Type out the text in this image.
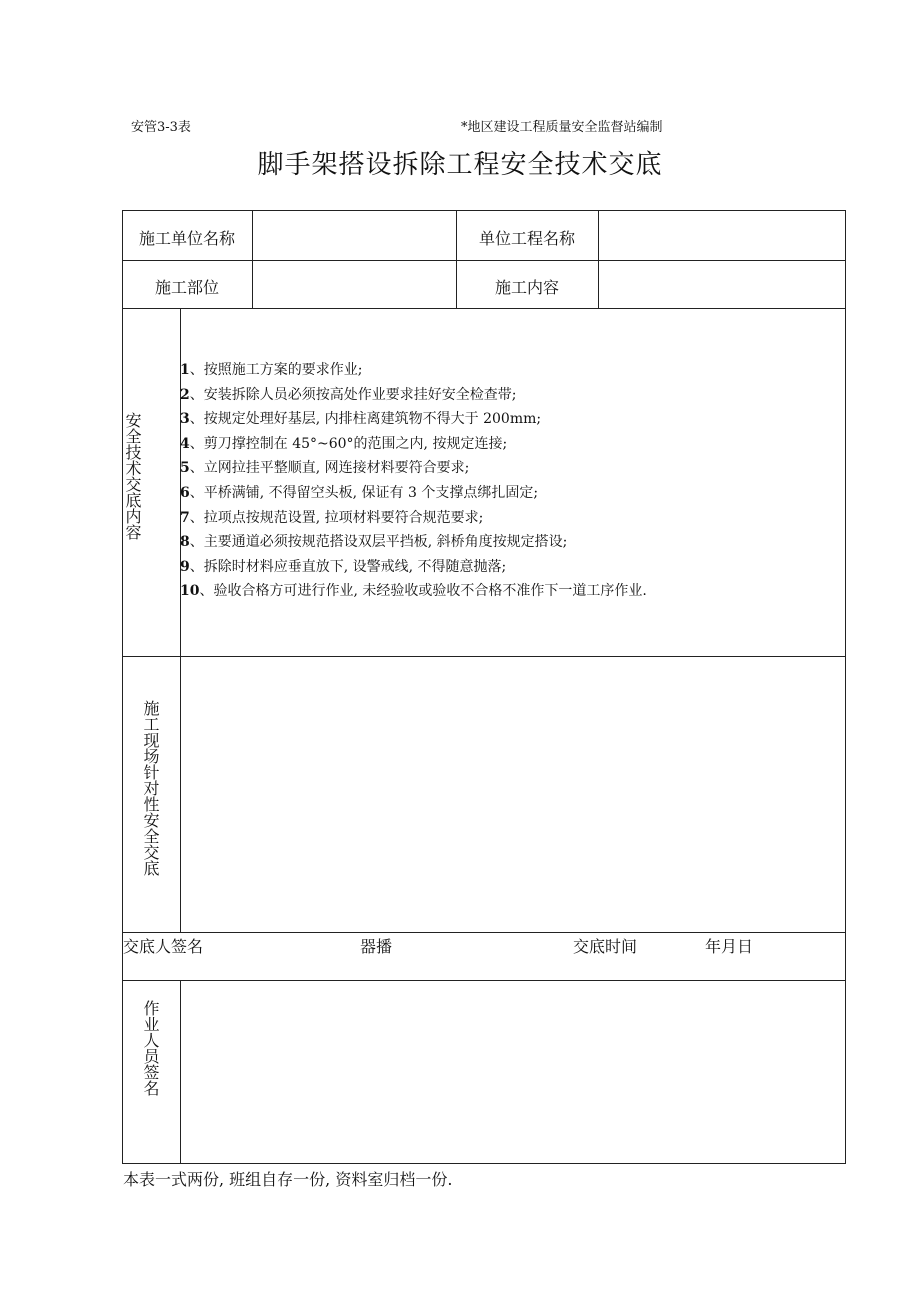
安管3-3表	*地区建设工程质量安全监督站编制
脚手架搭设拆除工程安全技术交底
施工单位名称	单位工程名称
施工部位	施工内容
安全技术交底内容
1、按照施工方案的要求作业;
2、安装拆除人员必须按高处作业要求挂好安全检查带;
3、按规定处理好基层, 内排柱离建筑物不得大于 200mm;
4、剪刀撑控制在 45°~60°的范围之内, 按规定连接;
5、立网拉挂平整顺直, 网连接材料要符合要求;
6、平桥满铺, 不得留空头板, 保证有 3 个支撑点绑扎固定;
7、拉项点按规范设置, 拉项材料要符合规范要求;
8、主要通道必须按规范搭设双层平挡板, 斜桥角度按规定搭设;
9、拆除时材料应垂直放下, 设警戒线, 不得随意抛落;
10、验收合格方可进行作业, 未经验收或验收不合格不准作下一道工序作业.
施工现场针对性安全交底
交底人签名	器播	交底时间	年月日
作业人员签名
本表一式两份, 班组自存一份, 资料室归档一份.
